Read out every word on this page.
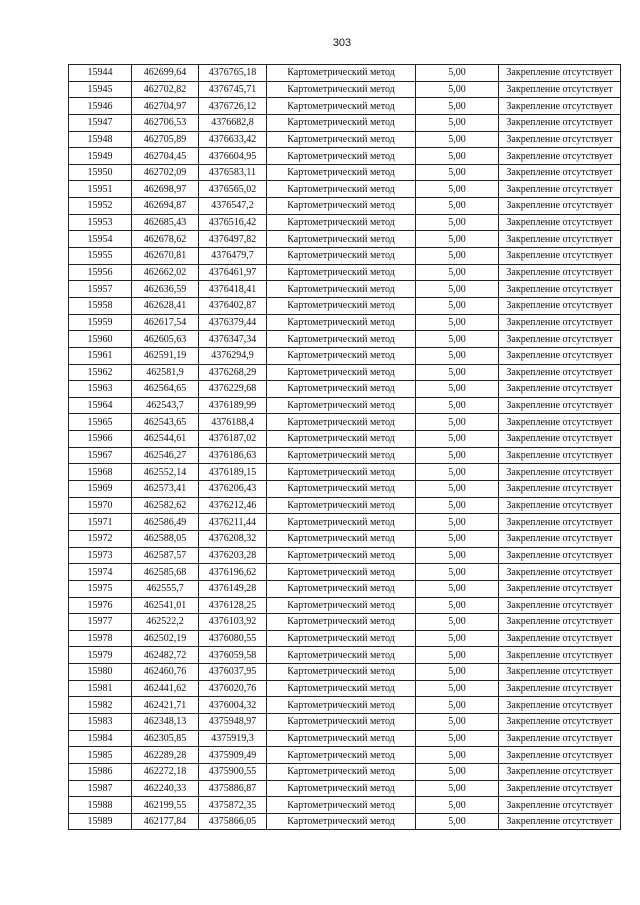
303
15944	462699,64	4376765,18	Картометрический метод	5,00	Закрепление отсутствует
15945	462702,82	4376745,71	Картометрический метод	5,00	Закрепление отсутствует
15946	462704,97	4376726,12	Картометрический метод	5,00	Закрепление отсутствует
15947	462706,53	4376682,8	Картометрический метод	5,00	Закрепление отсутствует
15948	462705,89	4376633,42	Картометрический метод	5,00	Закрепление отсутствует
15949	462704,45	4376604,95	Картометрический метод	5,00	Закрепление отсутствует
15950	462702,09	4376583,11	Картометрический метод	5,00	Закрепление отсутствует
15951	462698,97	4376565,02	Картометрический метод	5,00	Закрепление отсутствует
15952	462694,87	4376547,2	Картометрический метод	5,00	Закрепление отсутствует
15953	462685,43	4376516,42	Картометрический метод	5,00	Закрепление отсутствует
15954	462678,62	4376497,82	Картометрический метод	5,00	Закрепление отсутствует
15955	462670,81	4376479,7	Картометрический метод	5,00	Закрепление отсутствует
15956	462662,02	4376461,97	Картометрический метод	5,00	Закрепление отсутствует
15957	462636,59	4376418,41	Картометрический метод	5,00	Закрепление отсутствует
15958	462628,41	4376402,87	Картометрический метод	5,00	Закрепление отсутствует
15959	462617,54	4376379,44	Картометрический метод	5,00	Закрепление отсутствует
15960	462605,63	4376347,34	Картометрический метод	5,00	Закрепление отсутствует
15961	462591,19	4376294,9	Картометрический метод	5,00	Закрепление отсутствует
15962	462581,9	4376268,29	Картометрический метод	5,00	Закрепление отсутствует
15963	462564,65	4376229,68	Картометрический метод	5,00	Закрепление отсутствует
15964	462543,7	4376189,99	Картометрический метод	5,00	Закрепление отсутствует
15965	462543,65	4376188,4	Картометрический метод	5,00	Закрепление отсутствует
15966	462544,61	4376187,02	Картометрический метод	5,00	Закрепление отсутствует
15967	462546,27	4376186,63	Картометрический метод	5,00	Закрепление отсутствует
15968	462552,14	4376189,15	Картометрический метод	5,00	Закрепление отсутствует
15969	462573,41	4376206,43	Картометрический метод	5,00	Закрепление отсутствует
15970	462582,62	4376212,46	Картометрический метод	5,00	Закрепление отсутствует
15971	462586,49	4376211,44	Картометрический метод	5,00	Закрепление отсутствует
15972	462588,05	4376208,32	Картометрический метод	5,00	Закрепление отсутствует
15973	462587,57	4376203,28	Картометрический метод	5,00	Закрепление отсутствует
15974	462585,68	4376196,62	Картометрический метод	5,00	Закрепление отсутствует
15975	462555,7	4376149,28	Картометрический метод	5,00	Закрепление отсутствует
15976	462541,01	4376128,25	Картометрический метод	5,00	Закрепление отсутствует
15977	462522,2	4376103,92	Картометрический метод	5,00	Закрепление отсутствует
15978	462502,19	4376080,55	Картометрический метод	5,00	Закрепление отсутствует
15979	462482,72	4376059,58	Картометрический метод	5,00	Закрепление отсутствует
15980	462460,76	4376037,95	Картометрический метод	5,00	Закрепление отсутствует
15981	462441,62	4376020,76	Картометрический метод	5,00	Закрепление отсутствует
15982	462421,71	4376004,32	Картометрический метод	5,00	Закрепление отсутствует
15983	462348,13	4375948,97	Картометрический метод	5,00	Закрепление отсутствует
15984	462305,85	4375919,3	Картометрический метод	5,00	Закрепление отсутствует
15985	462289,28	4375909,49	Картометрический метод	5,00	Закрепление отсутствует
15986	462272,18	4375900,55	Картометрический метод	5,00	Закрепление отсутствует
15987	462240,33	4375886,87	Картометрический метод	5,00	Закрепление отсутствует
15988	462199,55	4375872,35	Картометрический метод	5,00	Закрепление отсутствует
15989	462177,84	4375866,05	Картометрический метод	5,00	Закрепление отсутствует
